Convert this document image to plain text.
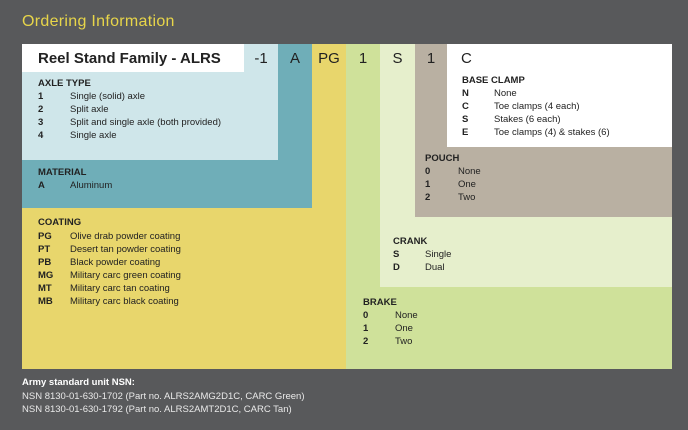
Ordering Information
Reel Stand Family - ALRS	-1	A	PG	1	S	1	C
AXLE TYPE
1	Single (solid) axle
2	Split axle
3	Split and single axle (both provided)
4	Single axle
MATERIAL
A	Aluminum
COATING
PG Olive drab powder coating
PT Desert tan powder coating
PB Black powder coating
MG Military carc green coating
MT Military carc tan coating
MB Military carc black coating
BASE CLAMP
N	None
C	Toe clamps (4 each)
S	Stakes (6 each)
E	Toe clamps (4) & stakes (6)
POUCH
0	None
1	One
2	Two
CRANK
S	Single
D	Dual
BRAKE
0	None
1	One
2	Two
Army standard unit NSN:
NSN 8130-01-630-1702 (Part no. ALRS2AMG2D1C, CARC Green)
NSN 8130-01-630-1792 (Part no. ALRS2AMT2D1C, CARC Tan)
